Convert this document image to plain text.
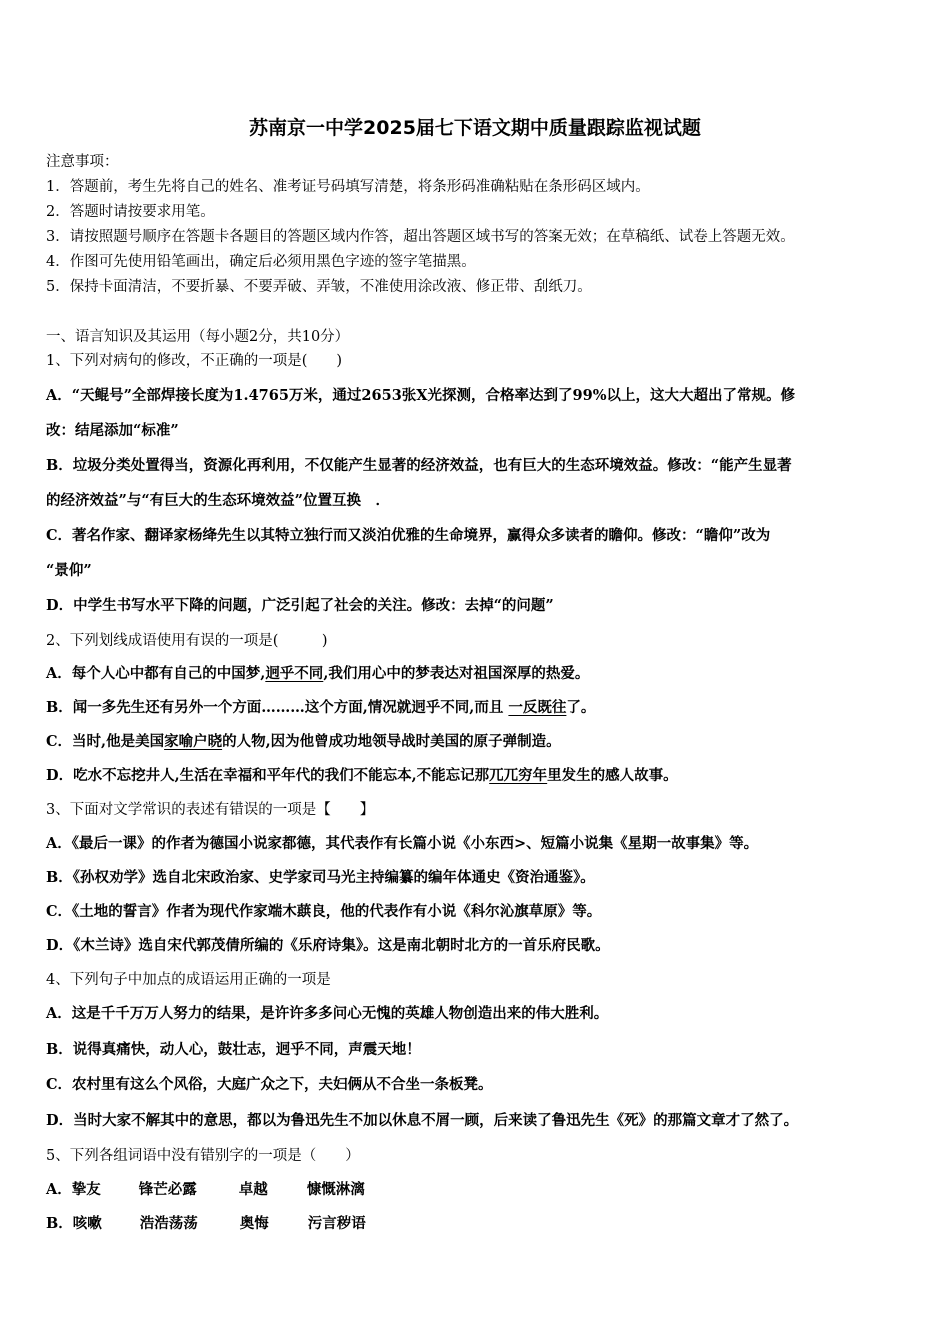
苏南京一中学2025届七下语文期中质量跟踪监视试题
注意事项：
1．答题前，考生先将自己的姓名、准考证号码填写清楚，将条形码准确粘贴在条形码区域内。
2．答题时请按要求用笔。
3．请按照题号顺序在答题卡各题目的答题区域内作答，超出答题区域书写的答案无效；在草稿纸、试卷上答题无效。
4．作图可先使用铅笔画出，确定后必须用黑色字迹的签字笔描黑。
5．保持卡面清洁，不要折暴、不要弄破、弄皱，不准使用涂改液、修正带、刮纸刀。
一、语言知识及其运用（每小题2分，共10分）
1、下列对病句的修改，不正确的一项是(　　)
A．“天鲲号”全部焊接长度为1.4765万米，通过2653张X光探测，合格率达到了99%以上，这大大超出了常规。修
改：结尾添加“标准”
B．垃圾分类处置得当，资源化再利用，不仅能产生显著的经济效益，也有巨大的生态环境效益。修改：“能产生显著
的经济效益”与“有巨大的生态环境效益”位置互换　．
C．著名作家、翻译家杨绛先生以其特立独行而又淡泊优雅的生命境界，赢得众多读者的瞻仰。修改：“瞻仰”改为
“景仰”
D．中学生书写水平下降的问题，广泛引起了社会的关注。修改：去掉“的问题”
2、下列划线成语使用有误的一项是(　　　)
A．每个人心中都有自己的中国梦,迥乎不同,我们用心中的梦表达对祖国深厚的热爱。
B．闻一多先生还有另外一个方面………这个方面,情况就迥乎不同,而且 一反既往了。
C．当时,他是美国家喻户晓的人物,因为他曾成功地领导战时美国的原子弹制造。
D．吃水不忘挖井人,生活在幸福和平年代的我们不能忘本,不能忘记那兀兀穷年里发生的感人故事。
3、下面对文学常识的表述有错误的一项是【　　】
A．《最后一课》的作者为德国小说家都德，其代表作有长篇小说《小东西>、短篇小说集《星期一故事集》等。
B．《孙权劝学》选自北宋政治家、史学家司马光主持编纂的编年体通史《资治通鉴》。
C．《土地的誓言》作者为现代作家端木蕻良，他的代表作有小说《科尔沁旗草原》等。
D．《木兰诗》选自宋代郭茂倩所编的《乐府诗集》。这是南北朝时北方的一首乐府民歌。
4、下列句子中加点的成语运用正确的一项是
A．这是千千万万人努力的结果，是许许多多问心无愧的英雄人物创造出来的伟大胜利。
B．说得真痛快，动人心，鼓壮志，迥乎不同，声震天地！
C．农村里有这么个风俗，大庭广众之下，夫妇俩从不合坐一条板凳。
D．当时大家不解其中的意思，都以为鲁迅先生不加以休息不屑一顾，后来读了鲁迅先生《死》的那篇文章才了然了。
5、下列各组词语中没有错别字的一项是（　　）
A．挚友	锋芒必露	卓越	慷慨淋漓
B．咳嗽	浩浩荡荡	奥悔	污言秽语
